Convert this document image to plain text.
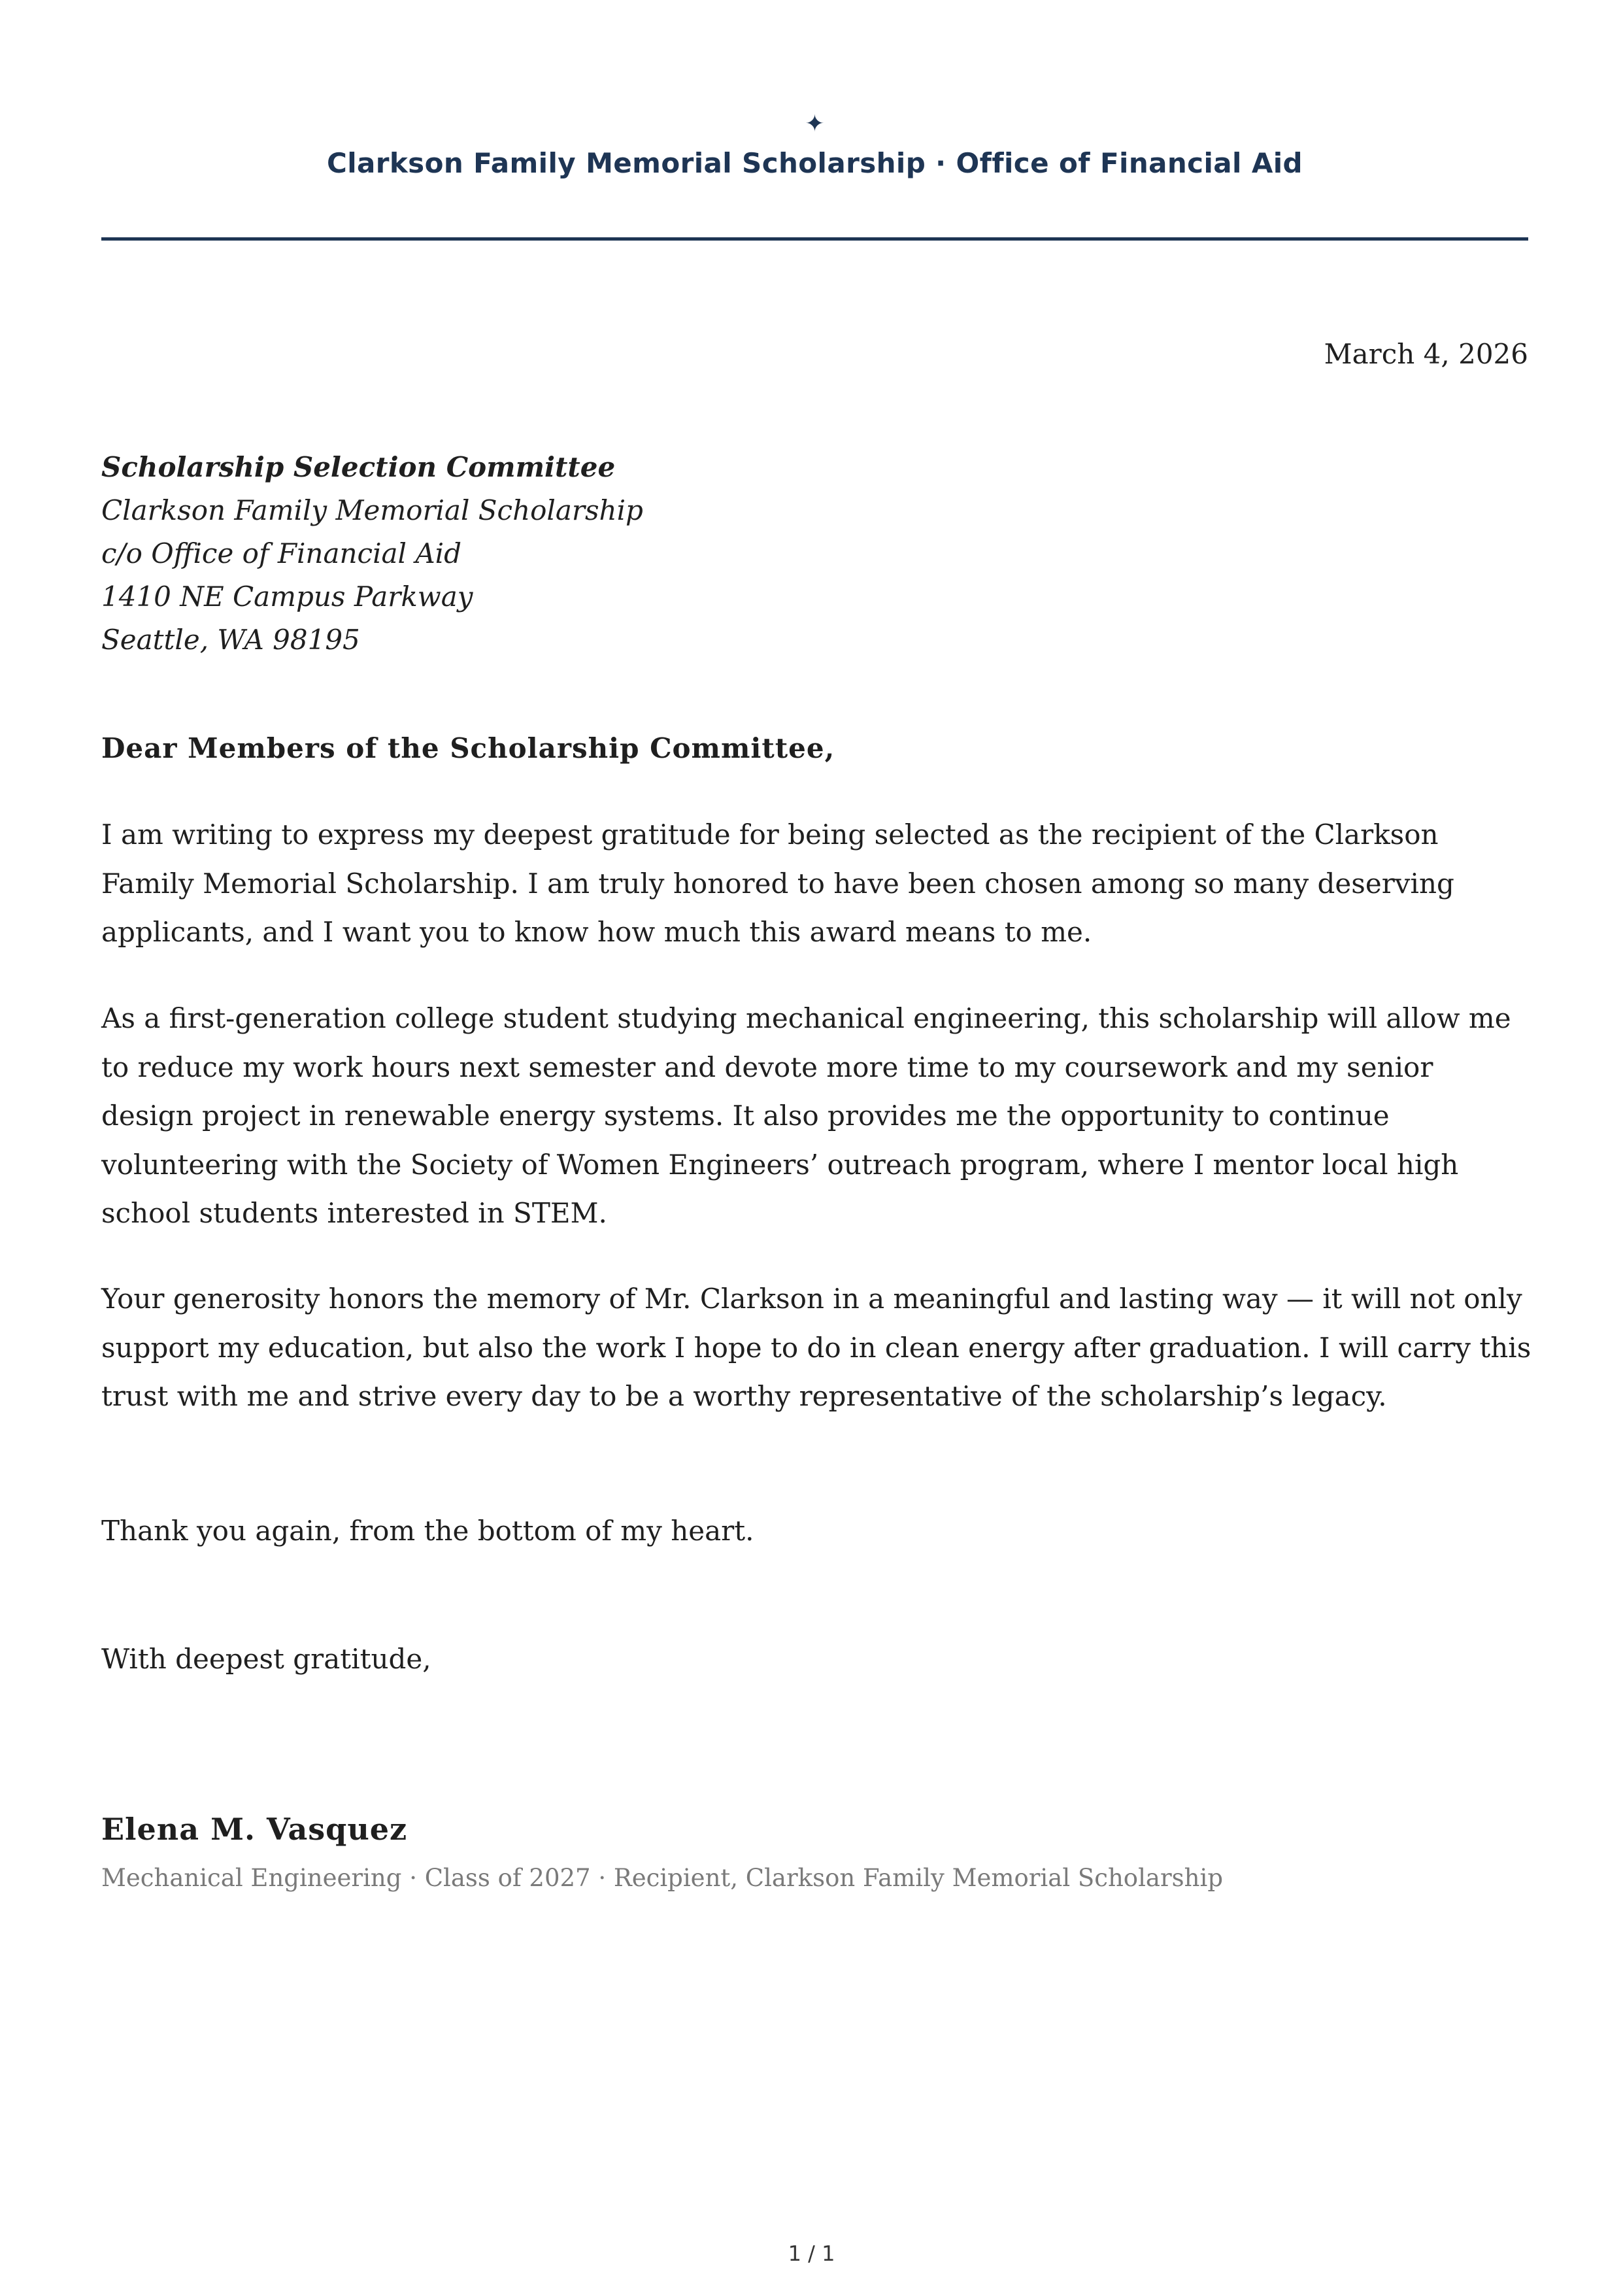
✦
Clarkson Family Memorial Scholarship · Office of Financial Aid
March 4, 2026
Scholarship Selection Committee
Clarkson Family Memorial Scholarship
c/o Office of Financial Aid
1410 NE Campus Parkway
Seattle, WA 98195
Dear Members of the Scholarship Committee,
I am writing to express my deepest gratitude for being selected as the recipient of the Clarkson Family Memorial Scholarship. I am truly honored to have been chosen among so many deserving applicants, and I want you to know how much this award means to me.
As a first-generation college student studying mechanical engineering, this scholarship will allow me to reduce my work hours next semester and devote more time to my coursework and my senior design project in renewable energy systems. It also provides me the opportunity to continue volunteering with the Society of Women Engineers’ outreach program, where I mentor local high school students interested in STEM.
Your generosity honors the memory of Mr. Clarkson in a meaningful and lasting way — it will not only support my education, but also the work I hope to do in clean energy after graduation. I will carry this trust with me and strive every day to be a worthy representative of the scholarship’s legacy.
Thank you again, from the bottom of my heart.
With deepest gratitude,
Elena M. Vasquez
Mechanical Engineering · Class of 2027 · Recipient, Clarkson Family Memorial Scholarship
1 / 1
